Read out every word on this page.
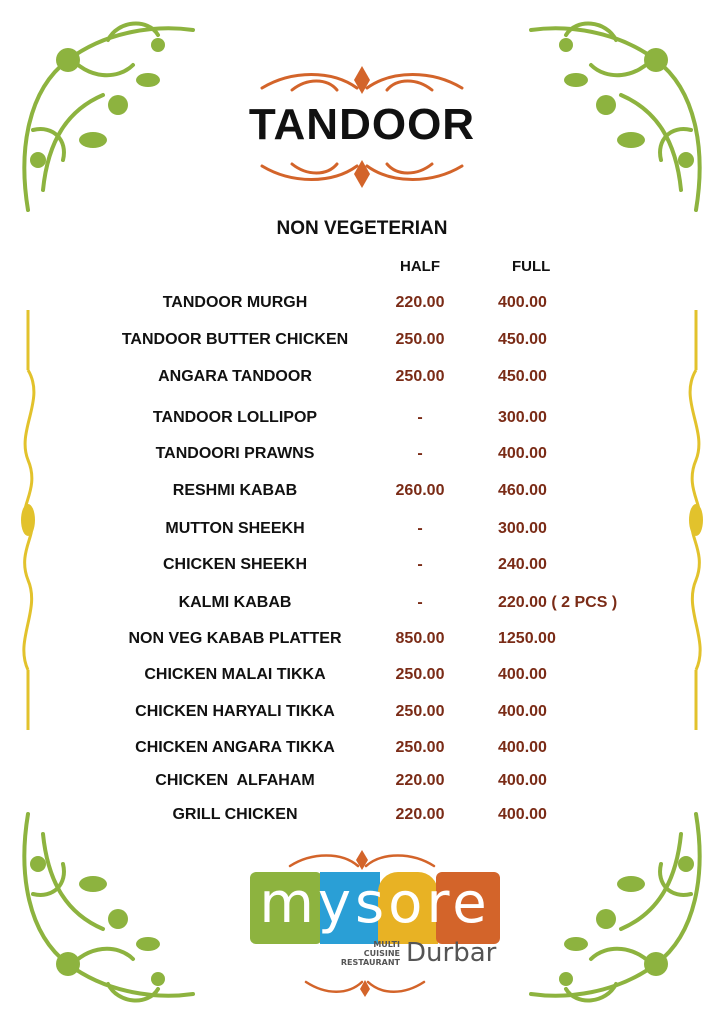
TANDOOR
NON VEGETERIAN
HALF	FULL
TANDOOR MURGH	220.00	400.00
TANDOOR BUTTER CHICKEN	250.00	450.00
ANGARA TANDOOR	250.00	450.00
TANDOOR LOLLIPOP	-	300.00
TANDOORI PRAWNS	-	400.00
RESHMI KABAB	260.00	460.00
MUTTON SHEEKH	-	300.00
CHICKEN SHEEKH	-	240.00
KALMI KABAB	-	220.00 ( 2 PCS )
NON VEG KABAB PLATTER	850.00	1250.00
CHICKEN MALAI TIKKA	250.00	400.00
CHICKEN HARYALI TIKKA	250.00	400.00
CHICKEN ANGARA TIKKA	250.00	400.00
CHICKEN  ALFAHAM	220.00	400.00
GRILL CHICKEN	220.00	400.00
mysore
MULTI
CUISINE
RESTAURANT Durbar
